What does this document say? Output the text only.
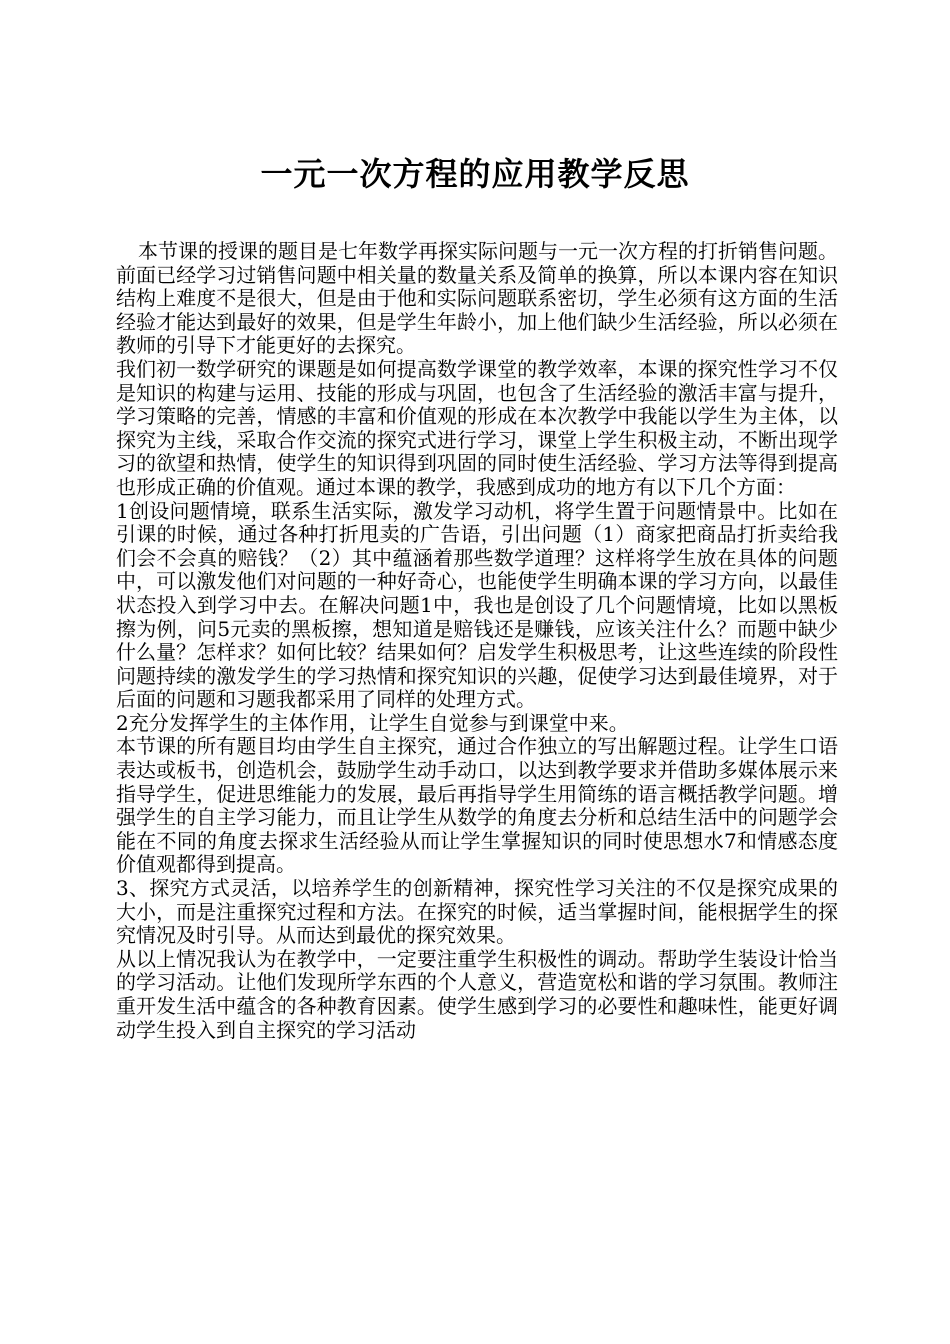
一元一次方程的应用教学反思

本节课的授课的题目是七年数学再探实际问题与一元一次方程的打折销售问题。前面已经学习过销售问题中相关量的数量关系及简单的换算，所以本课内容在知识结构上难度不是很大，但是由于他和实际问题联系密切，学生必须有这方面的生活经验才能达到最好的效果，但是学生年龄小，加上他们缺少生活经验，所以必须在教师的引导下才能更好的去探究。

我们初一数学研究的课题是如何提高数学课堂的教学效率，本课的探究性学习不仅是知识的构建与运用、技能的形成与巩固，也包含了生活经验的激活丰富与提升，学习策略的完善，情感的丰富和价值观的形成在本次教学中我能以学生为主体，以探究为主线，采取合作交流的探究式进行学习，课堂上学生积极主动，不断出现学习的欲望和热情，使学生的知识得到巩固的同时使生活经验、学习方法等得到提高也形成正确的价值观。通过本课的教学，我感到成功的地方有以下几个方面：

1创设问题情境，联系生活实际，激发学习动机，将学生置于问题情景中。比如在引课的时候，通过各种打折甩卖的广告语，引出问题（1）商家把商品打折卖给我们会不会真的赔钱？（2）其中蕴涵着那些数学道理？这样将学生放在具体的问题中，可以激发他们对问题的一种好奇心，也能使学生明确本课的学习方向，以最佳状态投入到学习中去。在解决问题1中，我也是创设了几个问题情境，比如以黑板擦为例，问5元卖的黑板擦，想知道是赔钱还是赚钱，应该关注什么？而题中缺少什么量？怎样求？如何比较？结果如何？启发学生积极思考，让这些连续的阶段性问题持续的激发学生的学习热情和探究知识的兴趣，促使学习达到最佳境界，对于后面的问题和习题我都采用了同样的处理方式。

2充分发挥学生的主体作用，让学生自觉参与到课堂中来。

本节课的所有题目均由学生自主探究，通过合作独立的写出解题过程。让学生口语表达或板书，创造机会，鼓励学生动手动口，以达到教学要求并借助多媒体展示来指导学生，促进思维能力的发展，最后再指导学生用简练的语言概括教学问题。增强学生的自主学习能力，而且让学生从数学的角度去分析和总结生活中的问题学会能在不同的角度去探求生活经验从而让学生掌握知识的同时使思想水7和情感态度价值观都得到提高。

3、探究方式灵活，以培养学生的创新精神，探究性学习关注的不仅是探究成果的大小，而是注重探究过程和方法。在探究的时候，适当掌握时间，能根据学生的探究情况及时引导。从而达到最优的探究效果。

从以上情况我认为在教学中，一定要注重学生积极性的调动。帮助学生装设计恰当的学习活动。让他们发现所学东西的个人意义，营造宽松和谐的学习氛围。教师注重开发生活中蕴含的各种教育因素。使学生感到学习的必要性和趣味性，能更好调动学生投入到自主探究的学习活动
